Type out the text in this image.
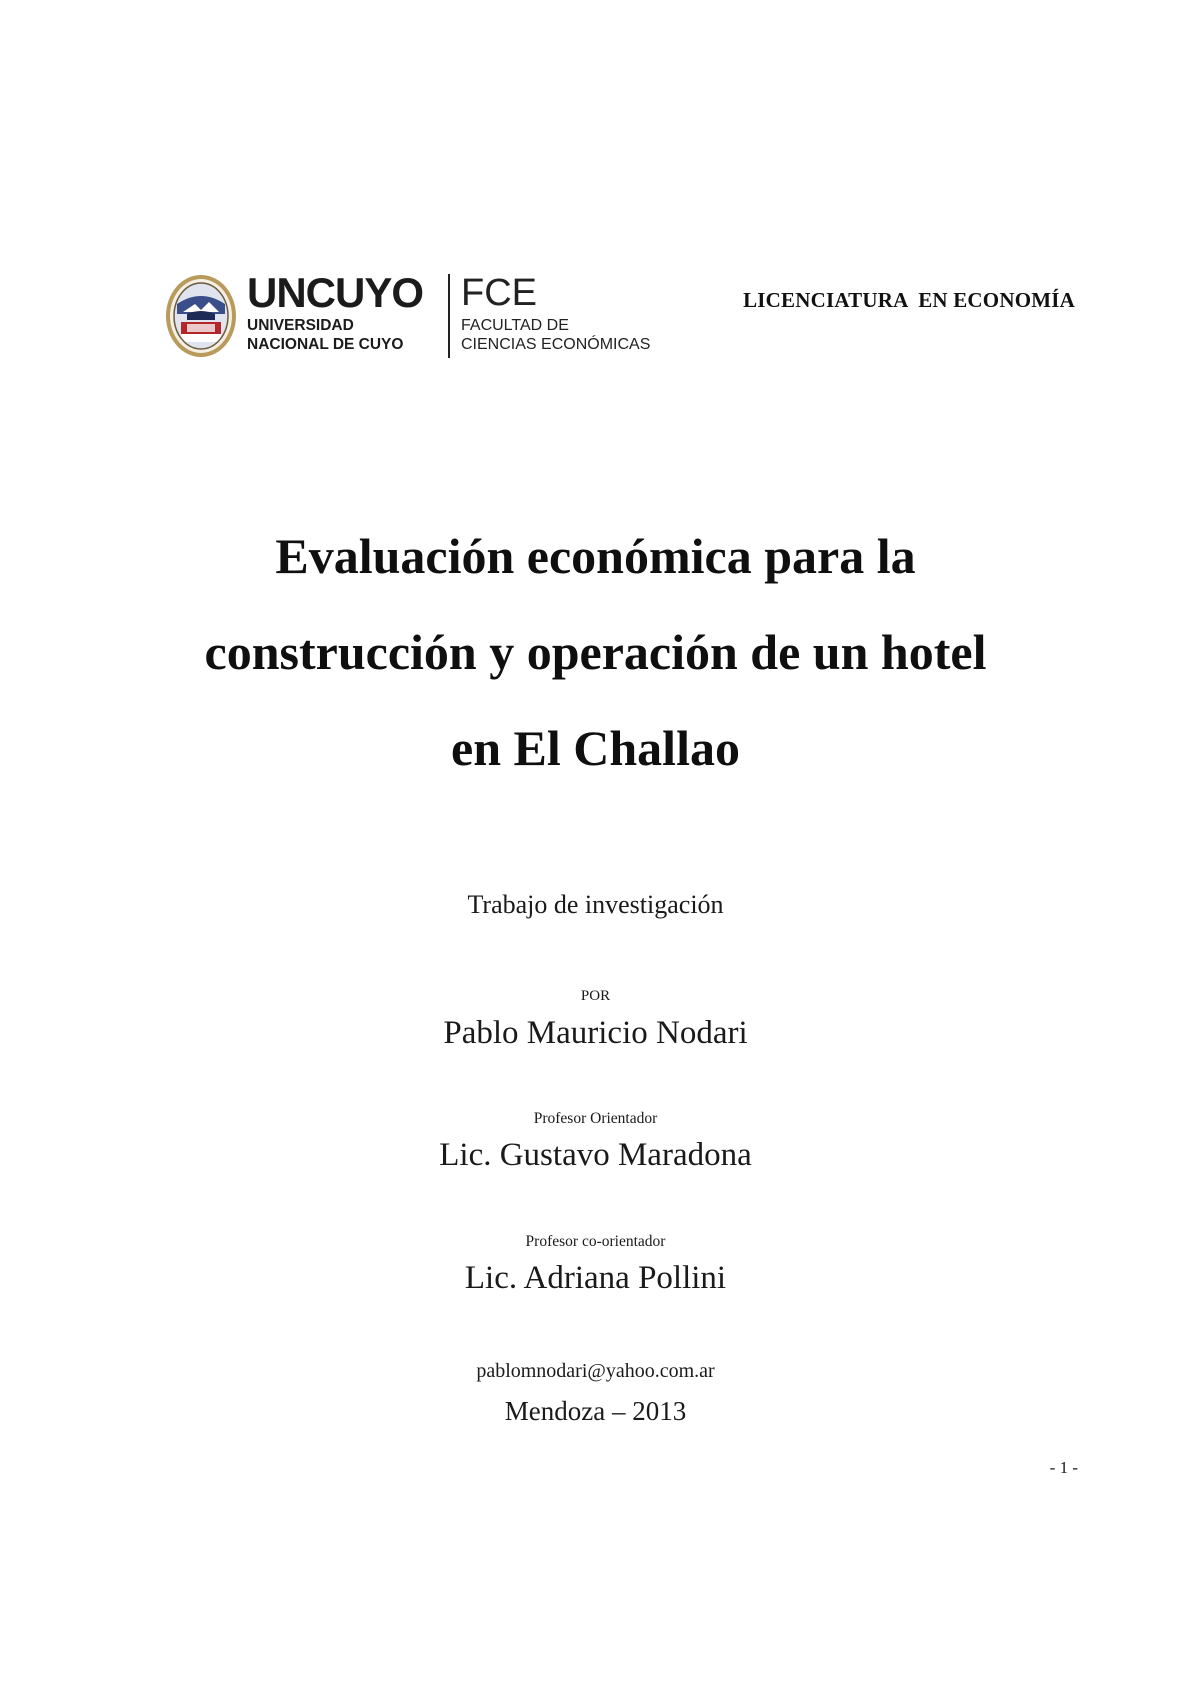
UNCUYO
UNIVERSIDAD
NACIONAL DE CUYO
FCE
FACULTAD DE
CIENCIAS ECONÓMICAS
LICENCIATURA  EN ECONOMÍA
Evaluación económica para la
construcción y operación de un hotel
en El Challao
Trabajo de investigación
POR
Pablo Mauricio Nodari
Profesor Orientador
Lic. Gustavo Maradona
Profesor co-orientador
Lic. Adriana Pollini
pablomnodari@yahoo.com.ar
Mendoza – 2013
- 1 -
